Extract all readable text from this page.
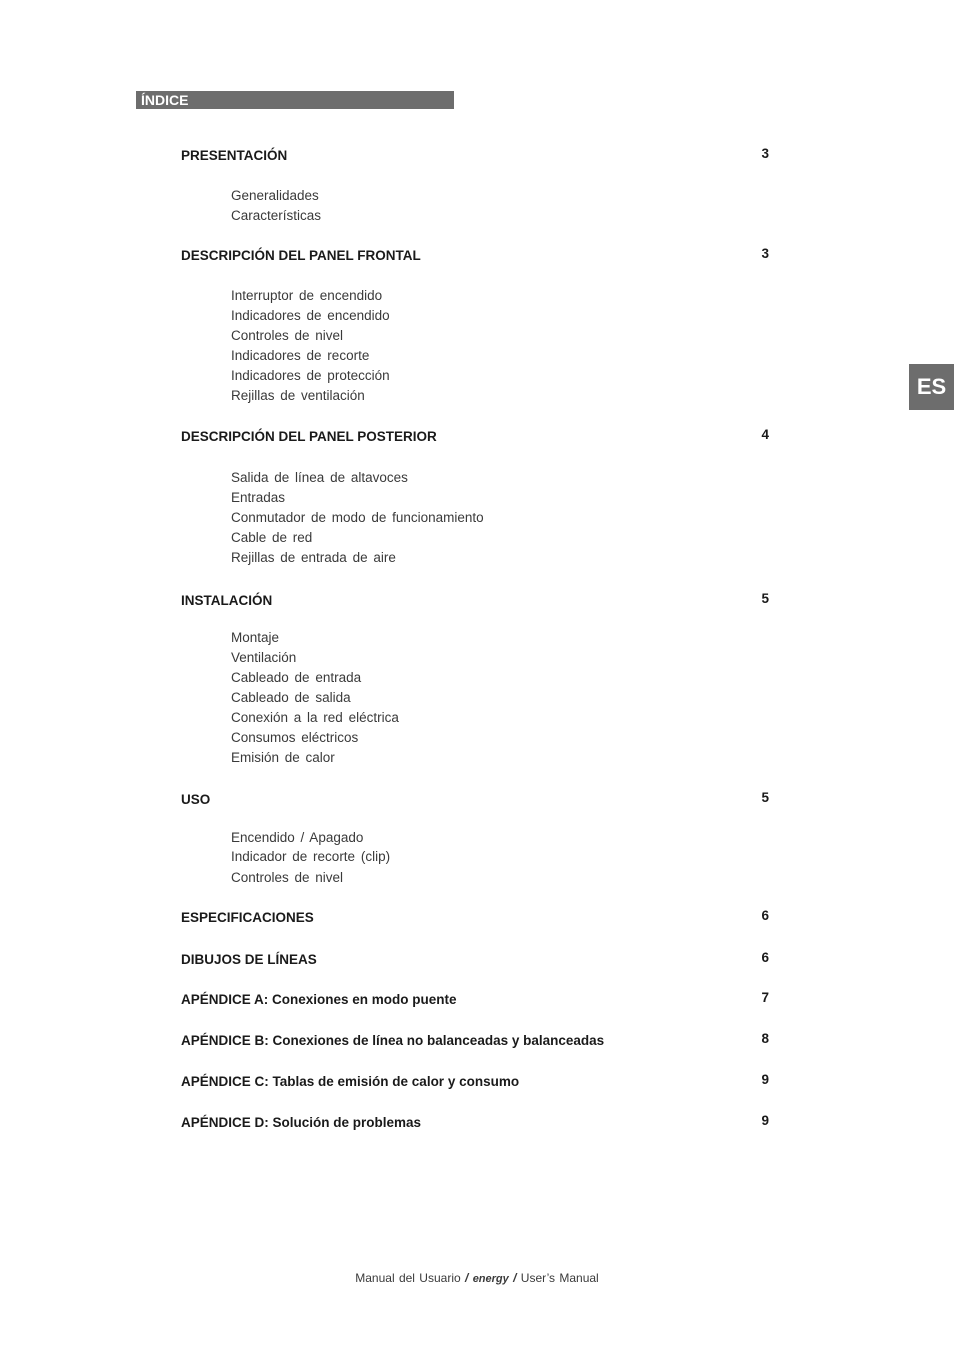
ÍNDICE
ES
PRESENTACIÓN	3
Generalidades
Características
DESCRIPCIÓN DEL PANEL FRONTAL	3
Interruptor de encendido
Indicadores de encendido
Controles de nivel
Indicadores de recorte
Indicadores de protección
Rejillas de ventilación
DESCRIPCIÓN DEL PANEL POSTERIOR	4
Salida de línea de altavoces
Entradas
Conmutador de modo de funcionamiento
Cable de red
Rejillas de entrada de aire
INSTALACIÓN	5
Montaje
Ventilación
Cableado de entrada
Cableado de salida
Conexión a la red eléctrica
Consumos eléctricos
Emisión de calor
USO	5
Encendido / Apagado
Indicador de recorte (clip)
Controles de nivel
ESPECIFICACIONES	6
DIBUJOS DE LÍNEAS	6
APÉNDICE A: Conexiones en modo puente	7
APÉNDICE B: Conexiones de línea no balanceadas y balanceadas	8
APÉNDICE C: Tablas de emisión de calor y consumo	9
APÉNDICE D: Solución de problemas	9
Manual del Usuario / energy / User’s Manual
